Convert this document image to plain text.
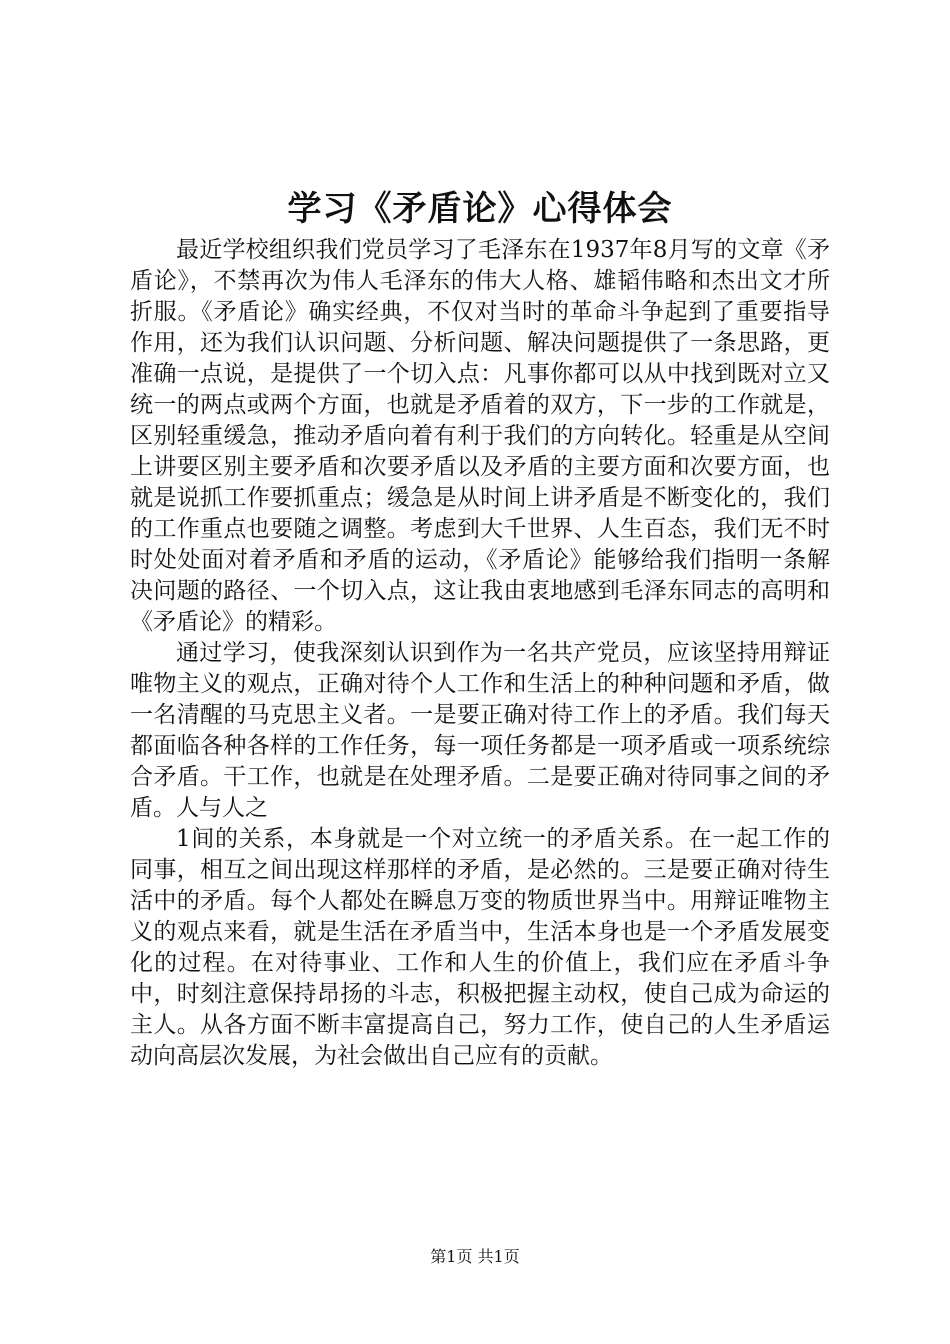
学习《矛盾论》心得体会

最近学校组织我们党员学习了毛泽东在1937年8月写的文章《矛盾论》，不禁再次为伟人毛泽东的伟大人格、雄韬伟略和杰出文才所折服。《矛盾论》确实经典，不仅对当时的革命斗争起到了重要指导作用，还为我们认识问题、分析问题、解决问题提供了一条思路，更准确一点说，是提供了一个切入点：凡事你都可以从中找到既对立又统一的两点或两个方面，也就是矛盾着的双方，下一步的工作就是，区别轻重缓急，推动矛盾向着有利于我们的方向转化。轻重是从空间上讲要区别主要矛盾和次要矛盾以及矛盾的主要方面和次要方面，也就是说抓工作要抓重点；缓急是从时间上讲矛盾是不断变化的，我们的工作重点也要随之调整。考虑到大千世界、人生百态，我们无不时时处处面对着矛盾和矛盾的运动，《矛盾论》能够给我们指明一条解决问题的路径、一个切入点，这让我由衷地感到毛泽东同志的高明和《矛盾论》的精彩。

通过学习，使我深刻认识到作为一名共产党员，应该坚持用辩证唯物主义的观点，正确对待个人工作和生活上的种种问题和矛盾，做一名清醒的马克思主义者。一是要正确对待工作上的矛盾。我们每天都面临各种各样的工作任务，每一项任务都是一项矛盾或一项系统综合矛盾。干工作，也就是在处理矛盾。二是要正确对待同事之间的矛盾。人与人之

1间的关系，本身就是一个对立统一的矛盾关系。在一起工作的同事，相互之间出现这样那样的矛盾，是必然的。三是要正确对待生活中的矛盾。每个人都处在瞬息万变的物质世界当中。用辩证唯物主义的观点来看，就是生活在矛盾当中，生活本身也是一个矛盾发展变化的过程。在对待事业、工作和人生的价值上，我们应在矛盾斗争中，时刻注意保持昂扬的斗志，积极把握主动权，使自己成为命运的主人。从各方面不断丰富提高自己，努力工作，使自己的人生矛盾运动向高层次发展，为社会做出自己应有的贡献。

第1页 共1页
